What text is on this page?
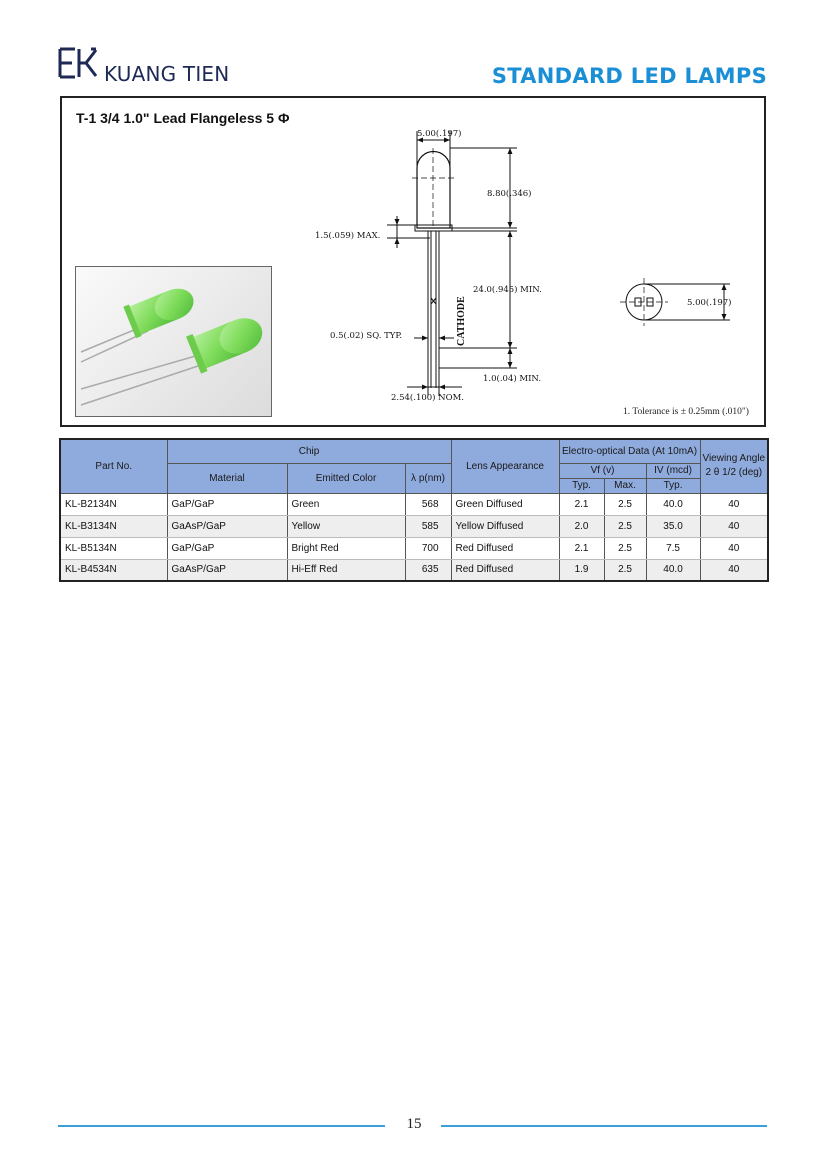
KUANG TIEN	STANDARD LED LAMPS
T-1 3/4 1.0" Lead Flangeless 5 Φ
5.00(.197)
8.80(.346)
1.5(.059) MAX.
24.0(.945) MIN.
0.5(.02) SQ. TYP.	CATHODE
1.0(.04) MIN.
2.54(.100) NOM.
5.00(.197)
1. Tolerance is ± 0.25mm (.010")
Part No.	Chip			Lens Appearance	Electro-optical Data (At 10mA)			Viewing Angle 2 θ 1/2 (deg)
	Material	Emitted Color	λ p(nm)		Vf (v)		IV (mcd)	
					Typ.	Max.	Typ.	
KL-B2134N	GaP/GaP	Green	568	Green Diffused	2.1	2.5	40.0	40
KL-B3134N	GaAsP/GaP	Yellow	585	Yellow Diffused	2.0	2.5	35.0	40
KL-B5134N	GaP/GaP	Bright Red	700	Red Diffused	2.1	2.5	7.5	40
KL-B4534N	GaAsP/GaP	Hi-Eff Red	635	Red Diffused	1.9	2.5	40.0	40
15
